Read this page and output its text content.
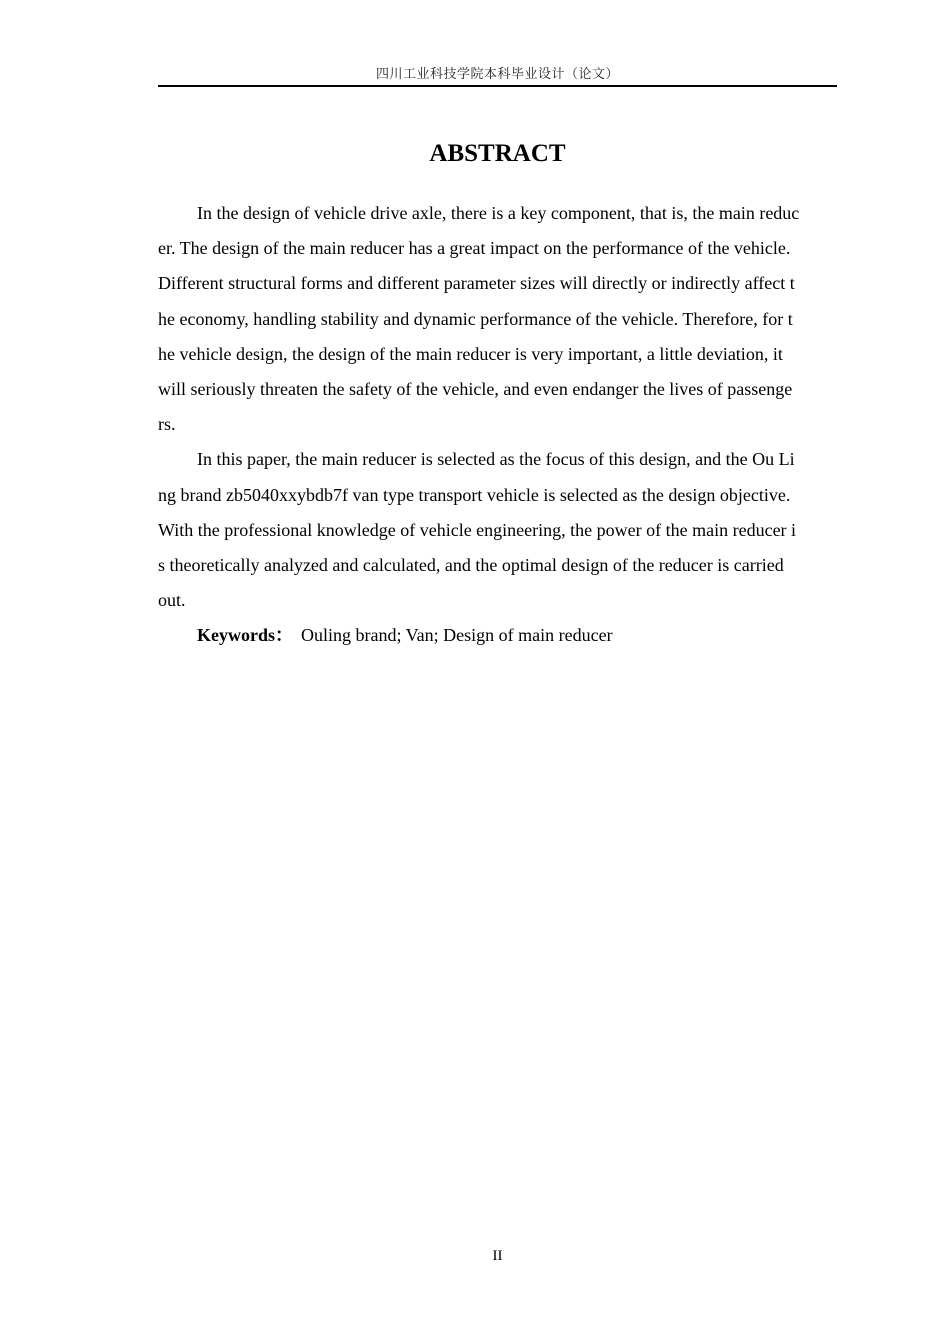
四川工业科技学院本科毕业设计（论文）
ABSTRACT
In the design of vehicle drive axle, there is a key component, that is, the main reduc
er. The design of the main reducer has a great impact on the performance of the vehicle.
Different structural forms and different parameter sizes will directly or indirectly affect t
he economy, handling stability and dynamic performance of the vehicle. Therefore, for t
he vehicle design, the design of the main reducer is very important, a little deviation, it
will seriously threaten the safety of the vehicle, and even endanger the lives of passenge
rs.
In this paper, the main reducer is selected as the focus of this design, and the Ou Li
ng brand zb5040xxybdb7f van type transport vehicle is selected as the design objective.
With the professional knowledge of vehicle engineering, the power of the main reducer i
s theoretically analyzed and calculated, and the optimal design of the reducer is carried
out.
Keywords： Ouling brand; Van; Design of main reducer
II
